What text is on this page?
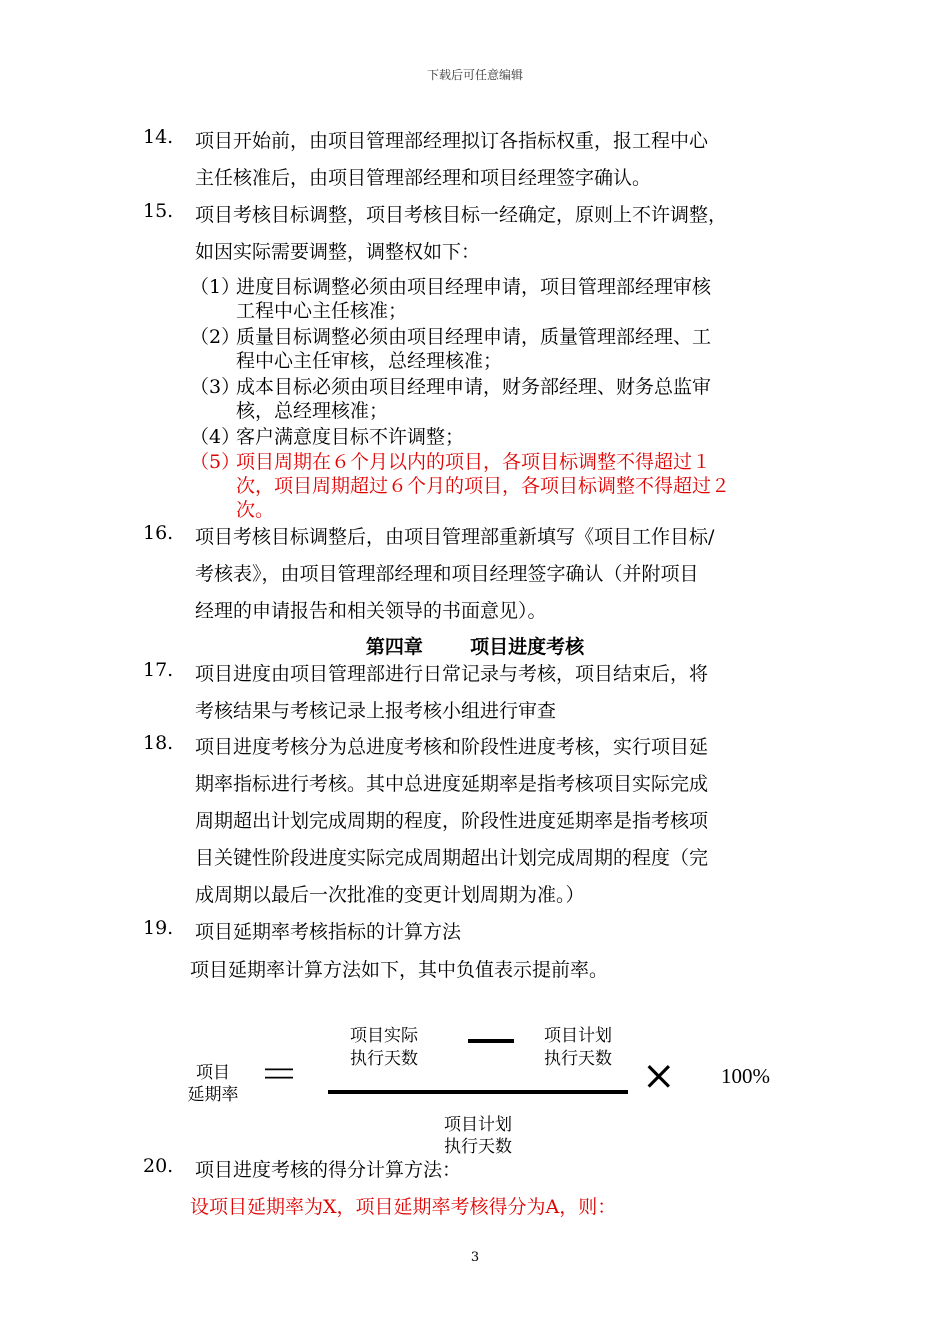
下载后可任意编辑
14. 项目开始前，由项目管理部经理拟订各指标权重，报工程中心
主任核准后，由项目管理部经理和项目经理签字确认。
15. 项目考核目标调整，项目考核目标一经确定，原则上不许调整，
如因实际需要调整，调整权如下：
（1）
进度目标调整必须由项目经理申请，项目管理部经理审核
工程中心主任核准；
（2）
质量目标调整必须由项目经理申请，质量管理部经理、工
程中心主任审核，总经理核准；
（3）
成本目标必须由项目经理申请，财务部经理、财务总监审
核，总经理核准；
（4）
客户满意度目标不许调整；
（5）
项目周期在６个月以内的项目，各项目标调整不得超过１
次，项目周期超过６个月的项目，各项目标调整不得超过２
次。
16. 项目考核目标调整后，由项目管理部重新填写《项目工作目标/
考核表》，由项目管理部经理和项目经理签字确认（并附项目
经理的申请报告和相关领导的书面意见）。
第四章 项目进度考核
17. 项目进度由项目管理部进行日常记录与考核，项目结束后，将
考核结果与考核记录上报考核小组进行审查
18. 项目进度考核分为总进度考核和阶段性进度考核，实行项目延
期率指标进行考核。其中总进度延期率是指考核项目实际完成
周期超出计划完成周期的程度，阶段性进度延期率是指考核项
目关键性阶段进度实际完成周期超出计划完成周期的程度（完
成周期以最后一次批准的变更计划周期为准。）
19. 项目延期率考核指标的计算方法
项目延期率计算方法如下，其中负值表示提前率。
项目
延期率 ＝
项目实际
执行天数
项目计划
执行天数 × 100%
项目计划
执行天数
20. 项目进度考核的得分计算方法：
设项目延期率为X，项目延期率考核得分为A，则：
3
